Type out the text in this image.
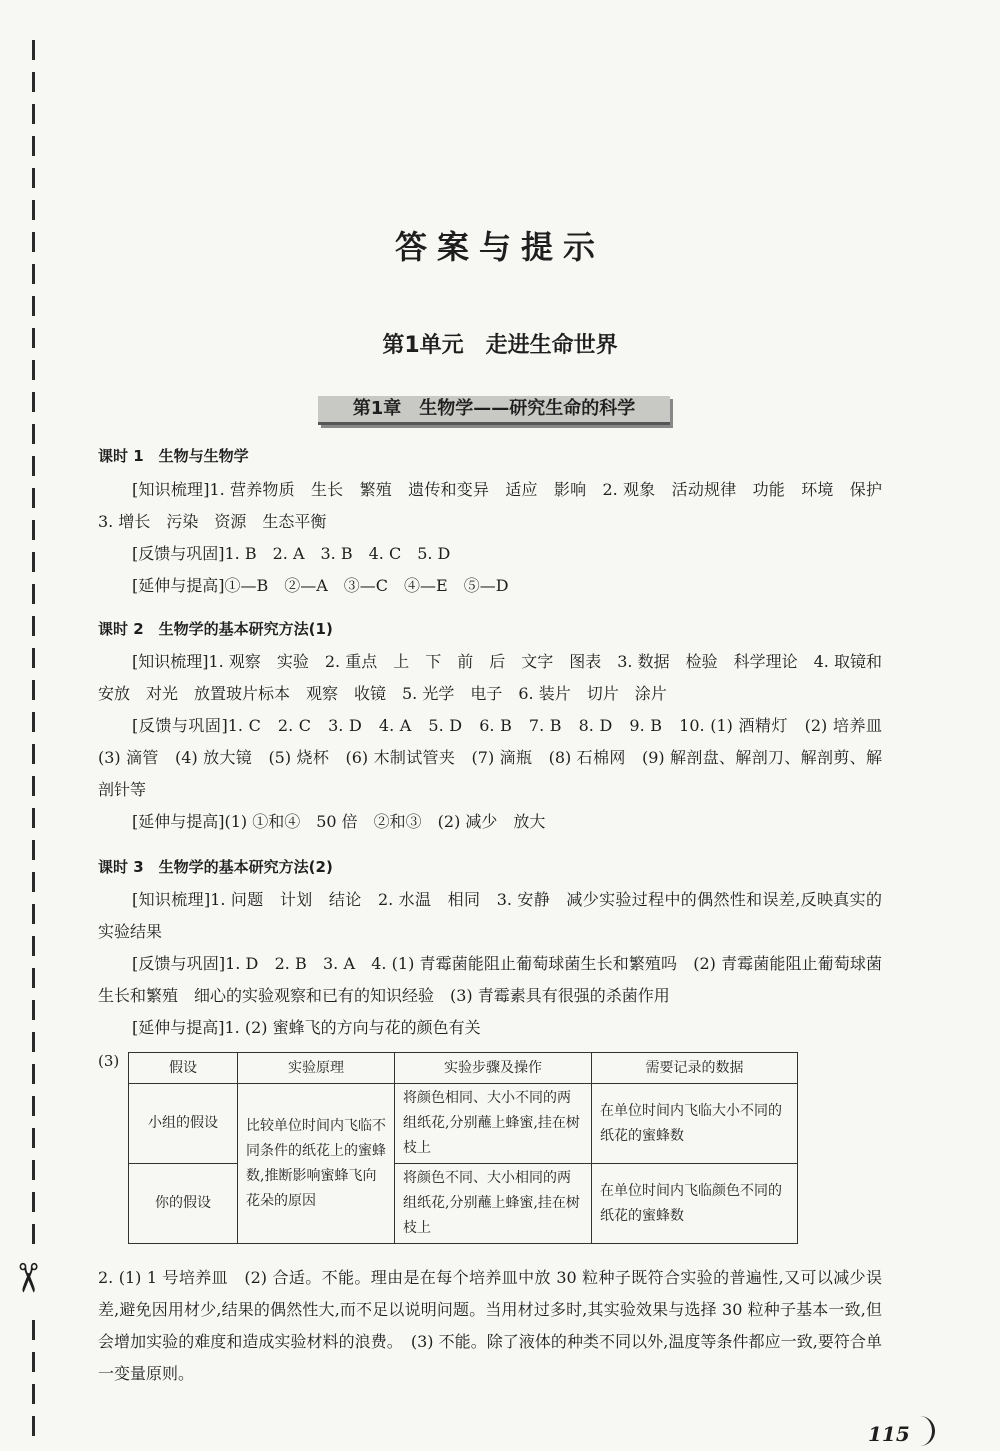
✂
答案与提示
第1单元　走进生命世界
第1章　生物学——研究生命的科学
课时 1　生物与生物学
[知识梳理]1. 营养物质　生长　繁殖　遗传和变异　适应　影响　2. 观象　活动规律　功能　环境　保护　3. 增长　污染　资源　生态平衡
[反馈与巩固]1. B　2. A　3. B　4. C　5. D
[延伸与提高]①—B　②—A　③—C　④—E　⑤—D
课时 2　生物学的基本研究方法(1)
[知识梳理]1. 观察　实验　2. 重点　上　下　前　后　文字　图表　3. 数据　检验　科学理论　4. 取镜和安放　对光　放置玻片标本　观察　收镜　5. 光学　电子　6. 装片　切片　涂片
[反馈与巩固]1. C　2. C　3. D　4. A　5. D　6. B　7. B　8. D　9. B　10. (1) 酒精灯　(2) 培养皿　(3) 滴管　(4) 放大镜　(5) 烧杯　(6) 木制试管夹　(7) 滴瓶　(8) 石棉网　(9) 解剖盘、解剖刀、解剖剪、解剖针等
[延伸与提高](1) ①和④　50 倍　②和③　(2) 减少　放大
课时 3　生物学的基本研究方法(2)
[知识梳理]1. 问题　计划　结论　2. 水温　相同　3. 安静　减少实验过程中的偶然性和误差,反映真实的实验结果
[反馈与巩固]1. D　2. B　3. A　4. (1) 青霉菌能阻止葡萄球菌生长和繁殖吗　(2) 青霉菌能阻止葡萄球菌生长和繁殖　细心的实验观察和已有的知识经验　(3) 青霉素具有很强的杀菌作用
[延伸与提高]1. (2) 蜜蜂飞的方向与花的颜色有关
(3)	假设	实验原理	实验步骤及操作	需要记录的数据
小组的假设	比较单位时间内飞临不同条件的纸花上的蜜蜂数,推断影响蜜蜂飞向花朵的原因	将颜色相同、大小不同的两组纸花,分别蘸上蜂蜜,挂在树枝上	在单位时间内飞临大小不同的纸花的蜜蜂数
你的假设		将颜色不同、大小相同的两组纸花,分别蘸上蜂蜜,挂在树枝上	在单位时间内飞临颜色不同的纸花的蜜蜂数
2. (1) 1 号培养皿　(2) 合适。不能。理由是在每个培养皿中放 30 粒种子既符合实验的普遍性,又可以减少误差,避免因用材少,结果的偶然性大,而不足以说明问题。当用材过多时,其实验效果与选择 30 粒种子基本一致,但会增加实验的难度和造成实验材料的浪费。　(3) 不能。除了液体的种类不同以外,温度等条件都应一致,要符合单一变量原则。
115
